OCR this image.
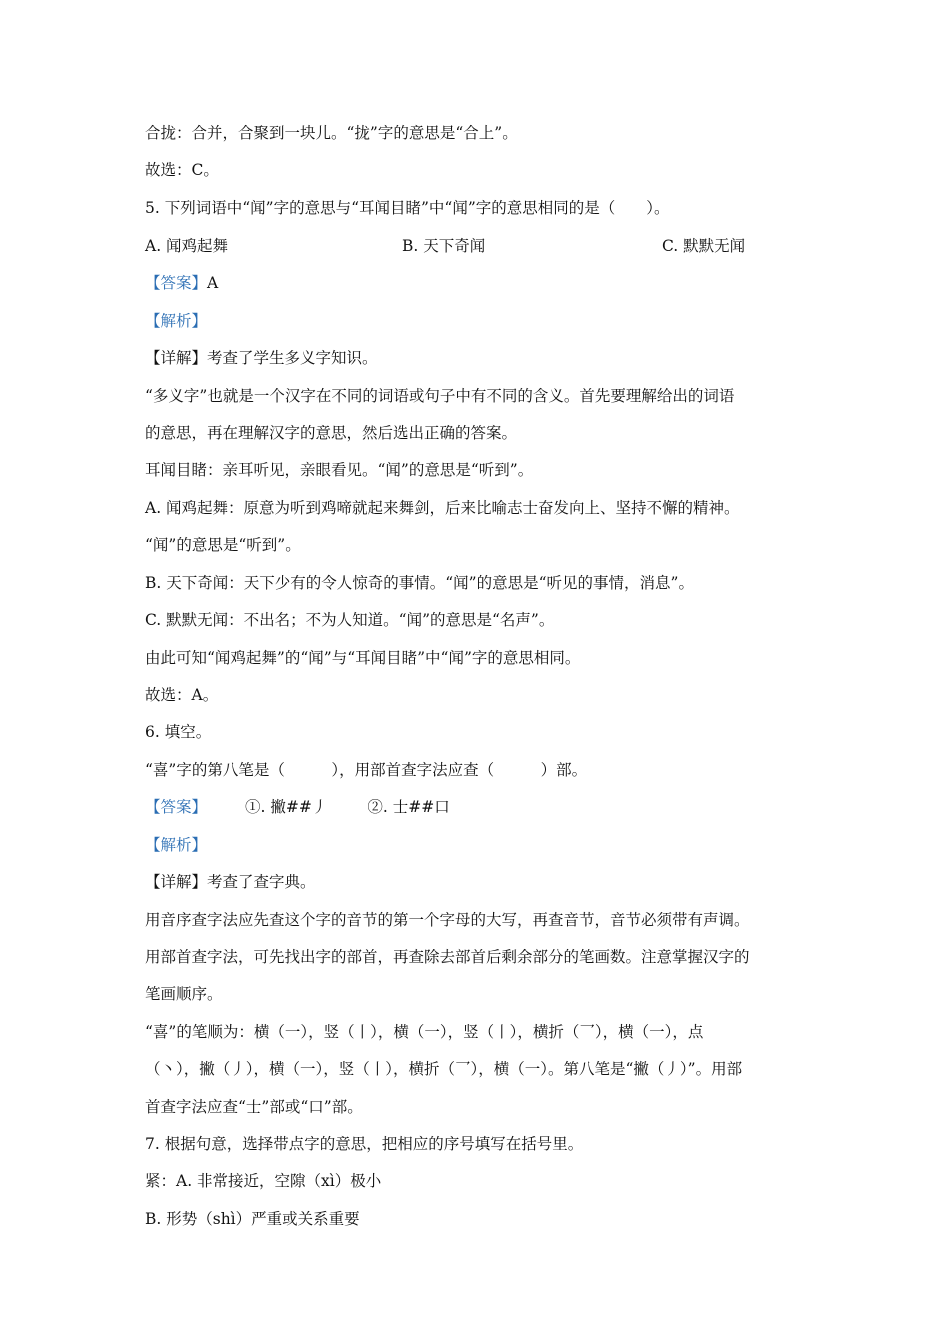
合拢：合并，合聚到一块儿。“拢”字的意思是“合上”。
故选：C。
5. 下列词语中“闻”字的意思与“耳闻目睹”中“闻”字的意思相同的是（　　）。
A. 闻鸡起舞	B. 天下奇闻	C. 默默无闻
【答案】A
【解析】
【详解】考查了学生多义字知识。
“多义字”也就是一个汉字在不同的词语或句子中有不同的含义。首先要理解给出的词语
的意思，再在理解汉字的意思，然后选出正确的答案。
耳闻目睹：亲耳听见，亲眼看见。“闻”的意思是“听到”。
A. 闻鸡起舞：原意为听到鸡啼就起来舞剑，后来比喻志士奋发向上、坚持不懈的精神。
“闻”的意思是“听到”。
B. 天下奇闻：天下少有的令人惊奇的事情。“闻”的意思是“听见的事情，消息”。
C. 默默无闻：不出名；不为人知道。“闻”的意思是“名声”。
由此可知“闻鸡起舞”的“闻”与“耳闻目睹”中“闻”字的意思相同。
故选：A。
6. 填空。
“喜”字的第八笔是（　　　），用部首查字法应查（　　　）部。
【答案】 ①. 撇##丿	②. 士##口
【解析】
【详解】考查了查字典。
用音序查字法应先查这个字的音节的第一个字母的大写，再查音节，音节必须带有声调。
用部首查字法，可先找出字的部首，再查除去部首后剩余部分的笔画数。注意掌握汉字的
笔画顺序。
“喜”的笔顺为：横（一），竖（丨），横（一），竖（丨），横折（乛），横（一），点
（丶），撇（丿），横（一），竖（丨），横折（乛），横（一）。第八笔是“撇（丿）”。用部
首查字法应查“士”部或“口”部。
7. 根据句意，选择带点字的意思，把相应的序号填写在括号里。
紧：A. 非常接近，空隙（xì）极小
B. 形势（shì）严重或关系重要
